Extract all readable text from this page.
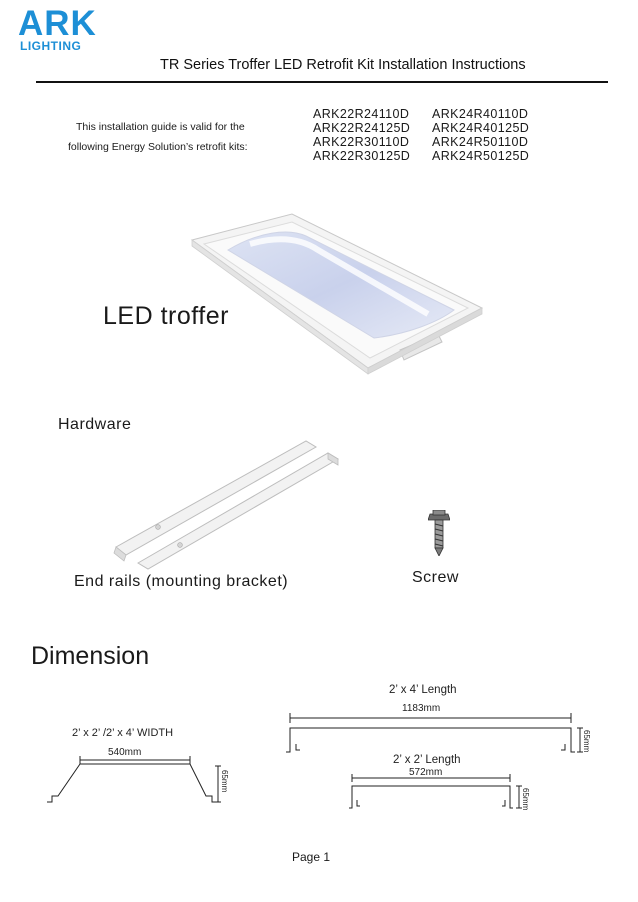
ARK
LIGHTING
TR Series Troffer LED Retrofit Kit Installation Instructions
This installation guide is valid for the
following Energy Solution’s retrofit kits:
ARK22R24110D
ARK22R24125D
ARK22R30110D
ARK22R30125D
ARK24R40110D
ARK24R40125D
ARK24R50110D
ARK24R50125D
LED troffer
Hardware
End rails (mounting bracket)	Screw
Dimension
2’ x 2’ /2’ x 4’ WIDTH
540mm
65mm
2’ x 4’ Length
1183mm
65mm
2’ x 2’ Length
572mm
65mm
Page 1
